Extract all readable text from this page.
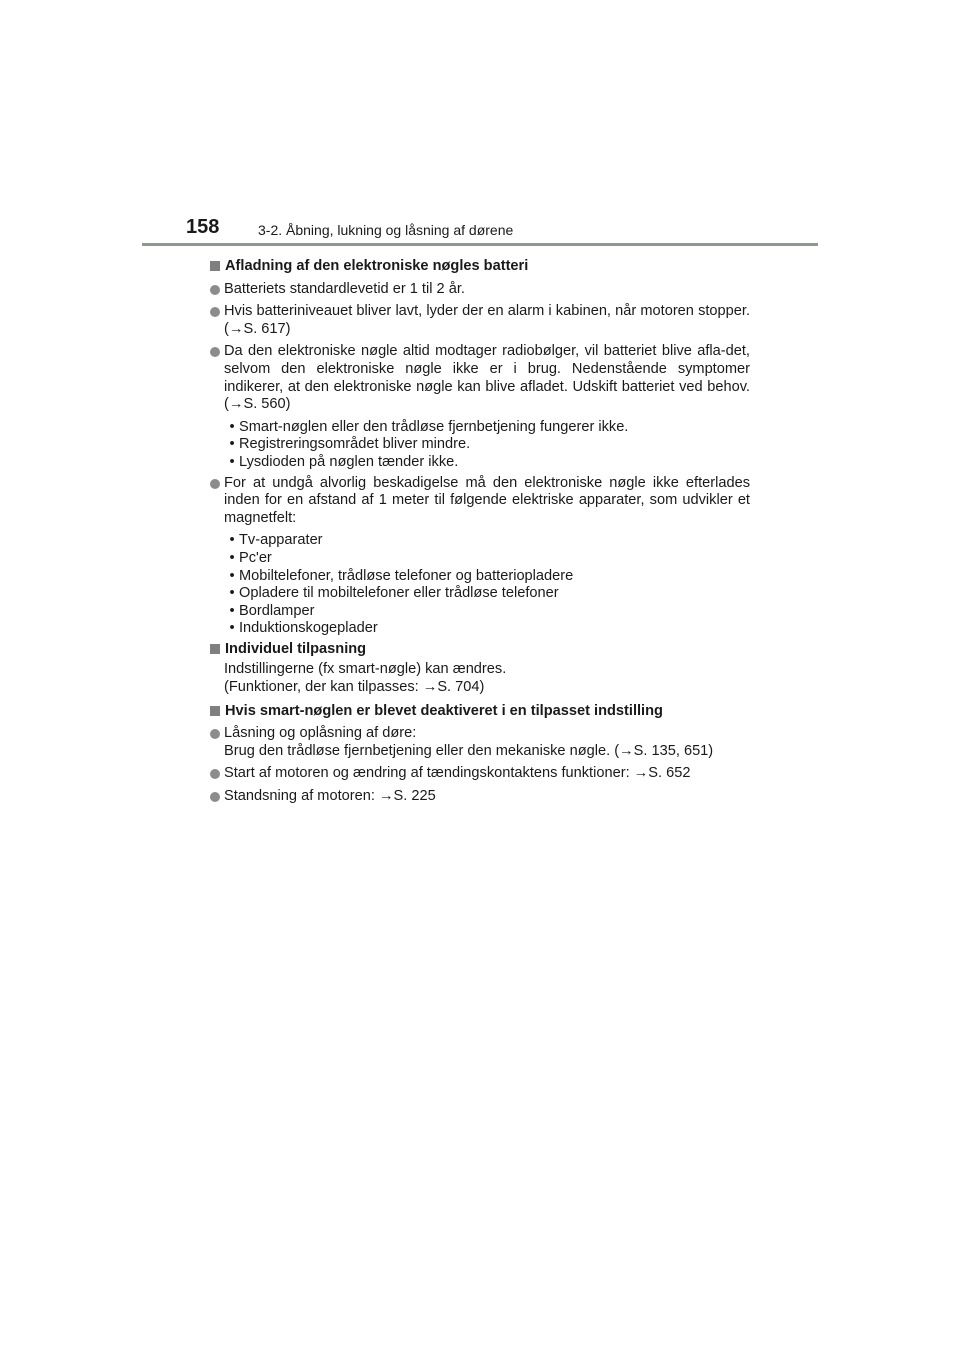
158	3-2. Åbning, lukning og låsning af dørene
Afladning af den elektroniske nøgles batteri
Batteriets standardlevetid er 1 til 2 år.
Hvis batteriniveauet bliver lavt, lyder der en alarm i kabinen, når motoren stopper. (→S. 617)
Da den elektroniske nøgle altid modtager radiobølger, vil batteriet blive afla-det, selvom den elektroniske nøgle ikke er i brug. Nedenstående symptomer indikerer, at den elektroniske nøgle kan blive afladet. Udskift batteriet ved behov. (→S. 560)
• Smart-nøglen eller den trådløse fjernbetjening fungerer ikke.
• Registreringsområdet bliver mindre.
• Lysdioden på nøglen tænder ikke.
For at undgå alvorlig beskadigelse må den elektroniske nøgle ikke efterlades inden for en afstand af 1 meter til følgende elektriske apparater, som udvikler et magnetfelt:
• Tv-apparater
• Pc'er
• Mobiltelefoner, trådløse telefoner og batteriopladere
• Opladere til mobiltelefoner eller trådløse telefoner
• Bordlamper
• Induktionskogeplader
Individuel tilpasning
Indstillingerne (fx smart-nøgle) kan ændres.
(Funktioner, der kan tilpasses: →S. 704)
Hvis smart-nøglen er blevet deaktiveret i en tilpasset indstilling
Låsning og oplåsning af døre:
Brug den trådløse fjernbetjening eller den mekaniske nøgle. (→S. 135, 651)
Start af motoren og ændring af tændingskontaktens funktioner: →S. 652
Standsning af motoren: →S. 225
